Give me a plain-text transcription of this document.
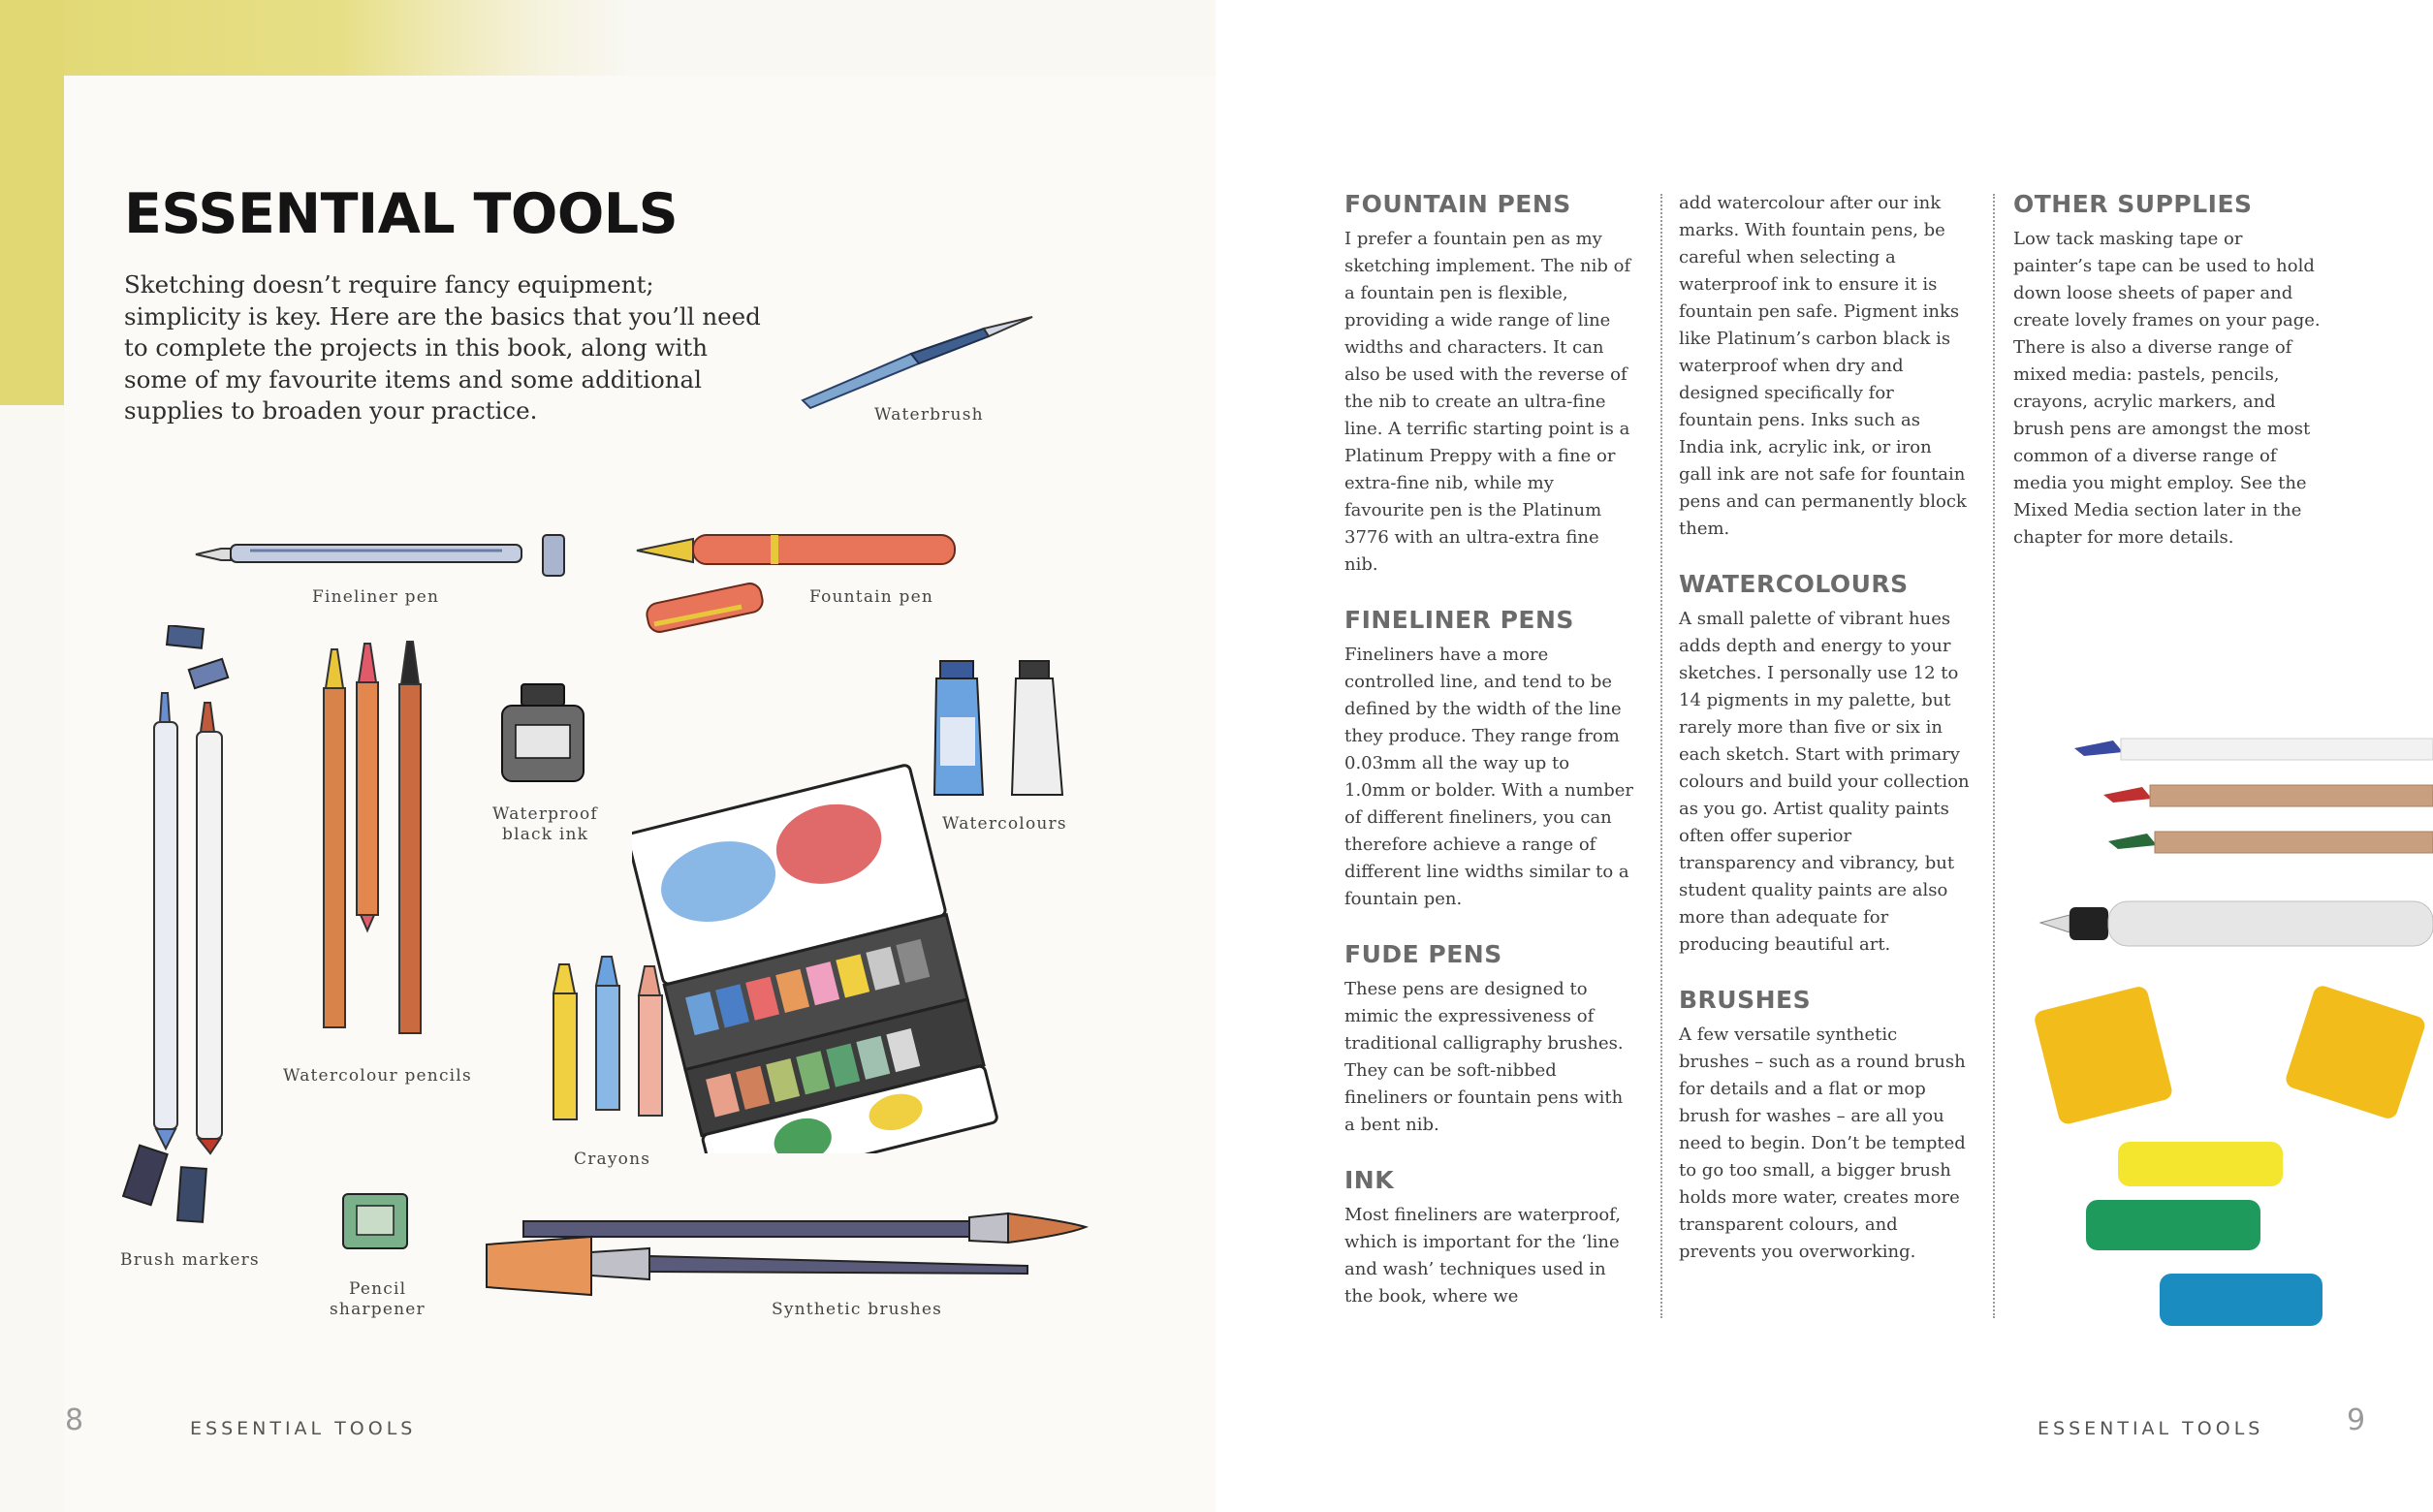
ESSENTIAL TOOLS

Sketching doesn’t require fancy equipment; simplicity is key. Here are the basics that you’ll need to complete the projects in this book, along with some of my favourite items and some additional supplies to broaden your practice.	Waterbrush
Fineliner pen	Fountain pen
Brush markers
Watercolour pencils
Waterproof
black ink
Watercolours
Crayons
Pencil
sharpener	Synthetic brushes
8	ESSENTIAL TOOLS
FOUNTAIN PENS

I prefer a fountain pen as my sketching implement. The nib of a fountain pen is flexible, providing a wide range of line widths and characters. It can also be used with the reverse of the nib to create an ultra-fine line. A terrific starting point is a Platinum Preppy with a fine or extra-fine nib, while my favourite pen is the Platinum 3776 with an ultra-extra fine nib.

FINELINER PENS

Fineliners have a more controlled line, and tend to be defined by the width of the line they produce. They range from 0.03mm all the way up to 1.0mm or bolder. With a number of different fineliners, you can therefore achieve a range of different line widths similar to a fountain pen.

FUDE PENS

These pens are designed to mimic the expressiveness of traditional calligraphy brushes. They can be soft-nibbed fineliners or fountain pens with a bent nib.

INK

Most fineliners are waterproof, which is important for the ‘line and wash’ techniques used in the book, where we

add watercolour after our ink marks. With fountain pens, be careful when selecting a waterproof ink to ensure it is fountain pen safe. Pigment inks like Platinum’s carbon black is waterproof when dry and designed specifically for fountain pens. Inks such as India ink, acrylic ink, or iron gall ink are not safe for fountain pens and can permanently block them.

WATERCOLOURS

A small palette of vibrant hues adds depth and energy to your sketches. I personally use 12 to 14 pigments in my palette, but rarely more than five or six in each sketch. Start with primary colours and build your collection as you go. Artist quality paints often offer superior transparency and vibrancy, but student quality paints are also more than adequate for producing beautiful art.

BRUSHES

A few versatile synthetic brushes – such as a round brush for details and a flat or mop brush for washes – are all you need to begin. Don’t be tempted to go too small, a bigger brush holds more water, creates more transparent colours, and prevents you overworking.

OTHER SUPPLIES

Low tack masking tape or painter’s tape can be used to hold down loose sheets of paper and create lovely frames on your page. There is also a diverse range of mixed media: pastels, pencils, crayons, acrylic markers, and brush pens are amongst the most common of a diverse range of media you might employ. See the Mixed Media section later in the chapter for more details.

ESSENTIAL TOOLS	9
